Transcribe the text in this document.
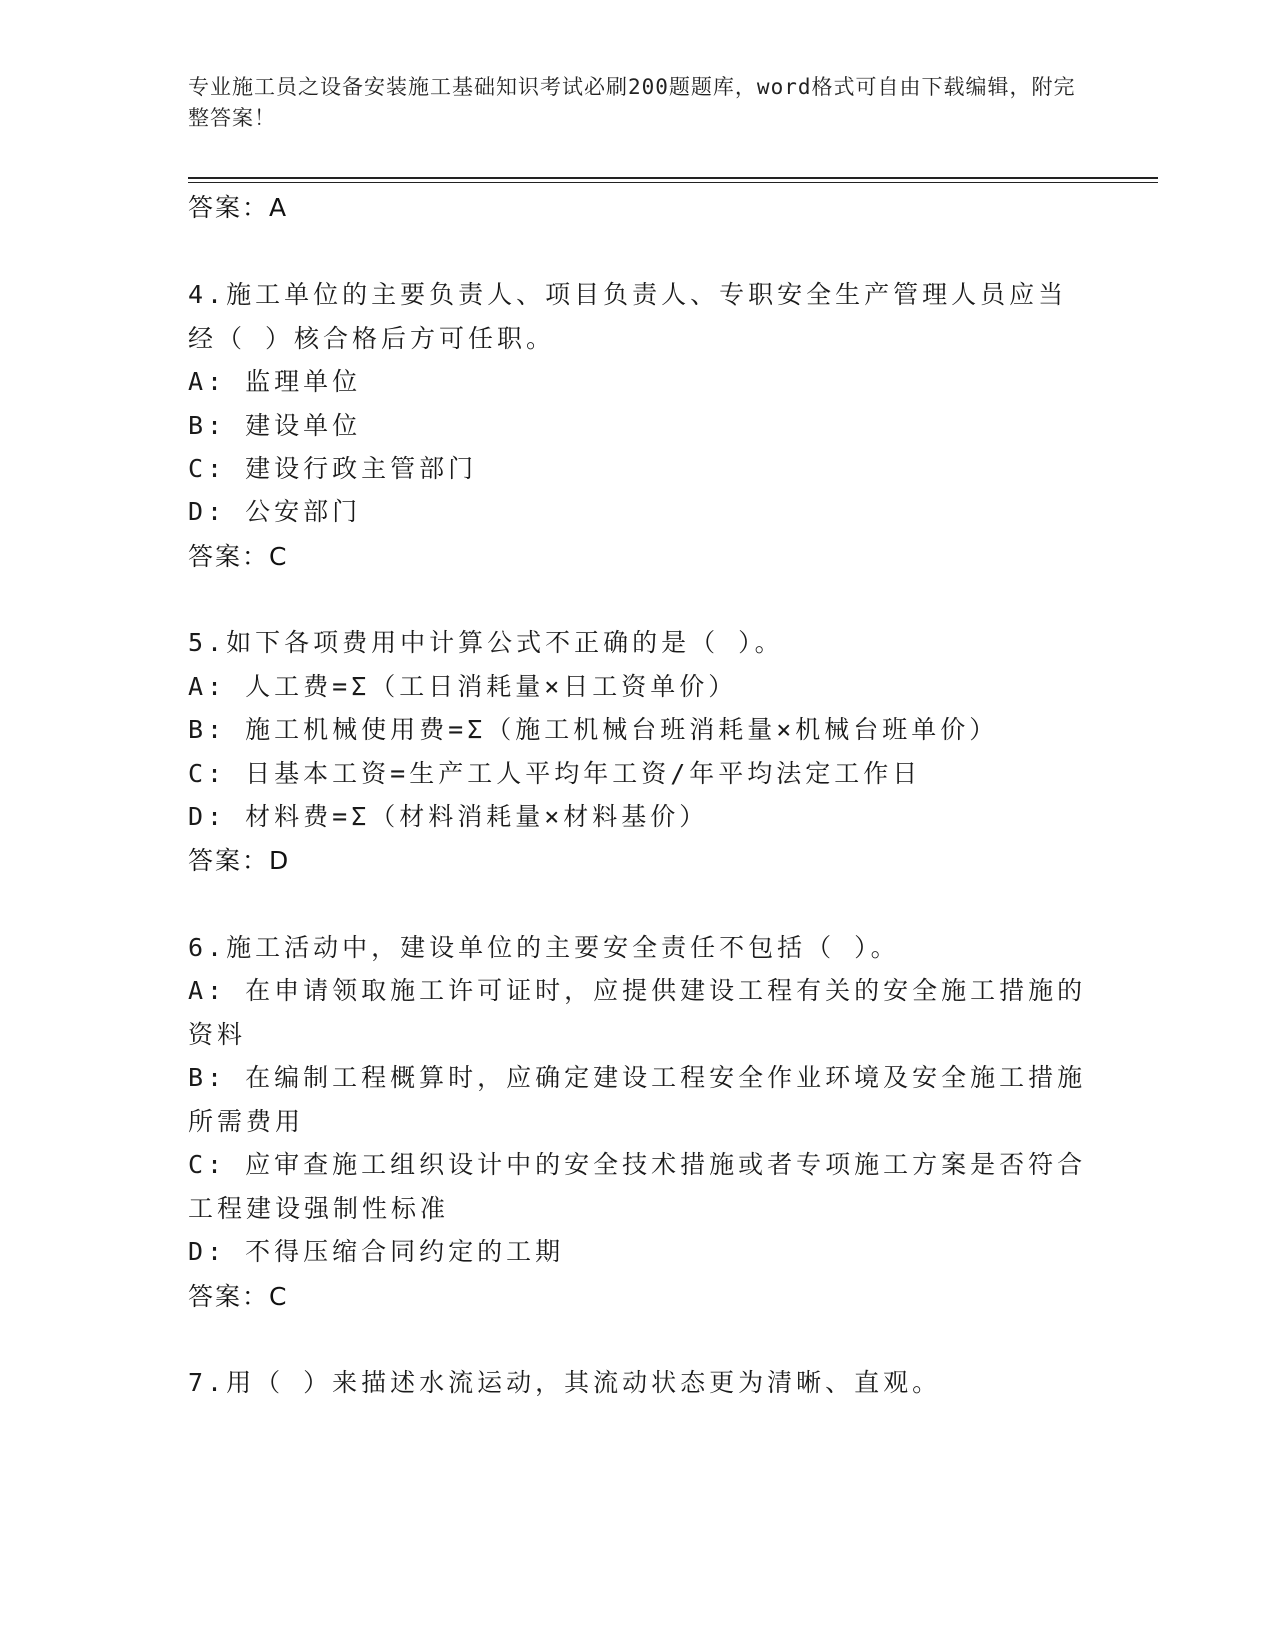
专业施工员之设备安装施工基础知识考试必刷200题题库，word格式可自由下载编辑，附完整答案！
答案：A
4.施工单位的主要负责人、项目负责人、专职安全生产管理人员应当
经（ ）核合格后方可任职。
A: 监理单位
B: 建设单位
C: 建设行政主管部门
D: 公安部门
答案：C
5.如下各项费用中计算公式不正确的是（ ）。
A: 人工费=Σ（工日消耗量×日工资单价）
B: 施工机械使用费=Σ（施工机械台班消耗量×机械台班单价）
C: 日基本工资=生产工人平均年工资/年平均法定工作日
D: 材料费=Σ（材料消耗量×材料基价）
答案：D
6.施工活动中，建设单位的主要安全责任不包括（ ）。
A: 在申请领取施工许可证时，应提供建设工程有关的安全施工措施的
资料
B: 在编制工程概算时，应确定建设工程安全作业环境及安全施工措施
所需费用
C: 应审查施工组织设计中的安全技术措施或者专项施工方案是否符合
工程建设强制性标准
D: 不得压缩合同约定的工期
答案：C
7.用（ ）来描述水流运动，其流动状态更为清晰、直观。
